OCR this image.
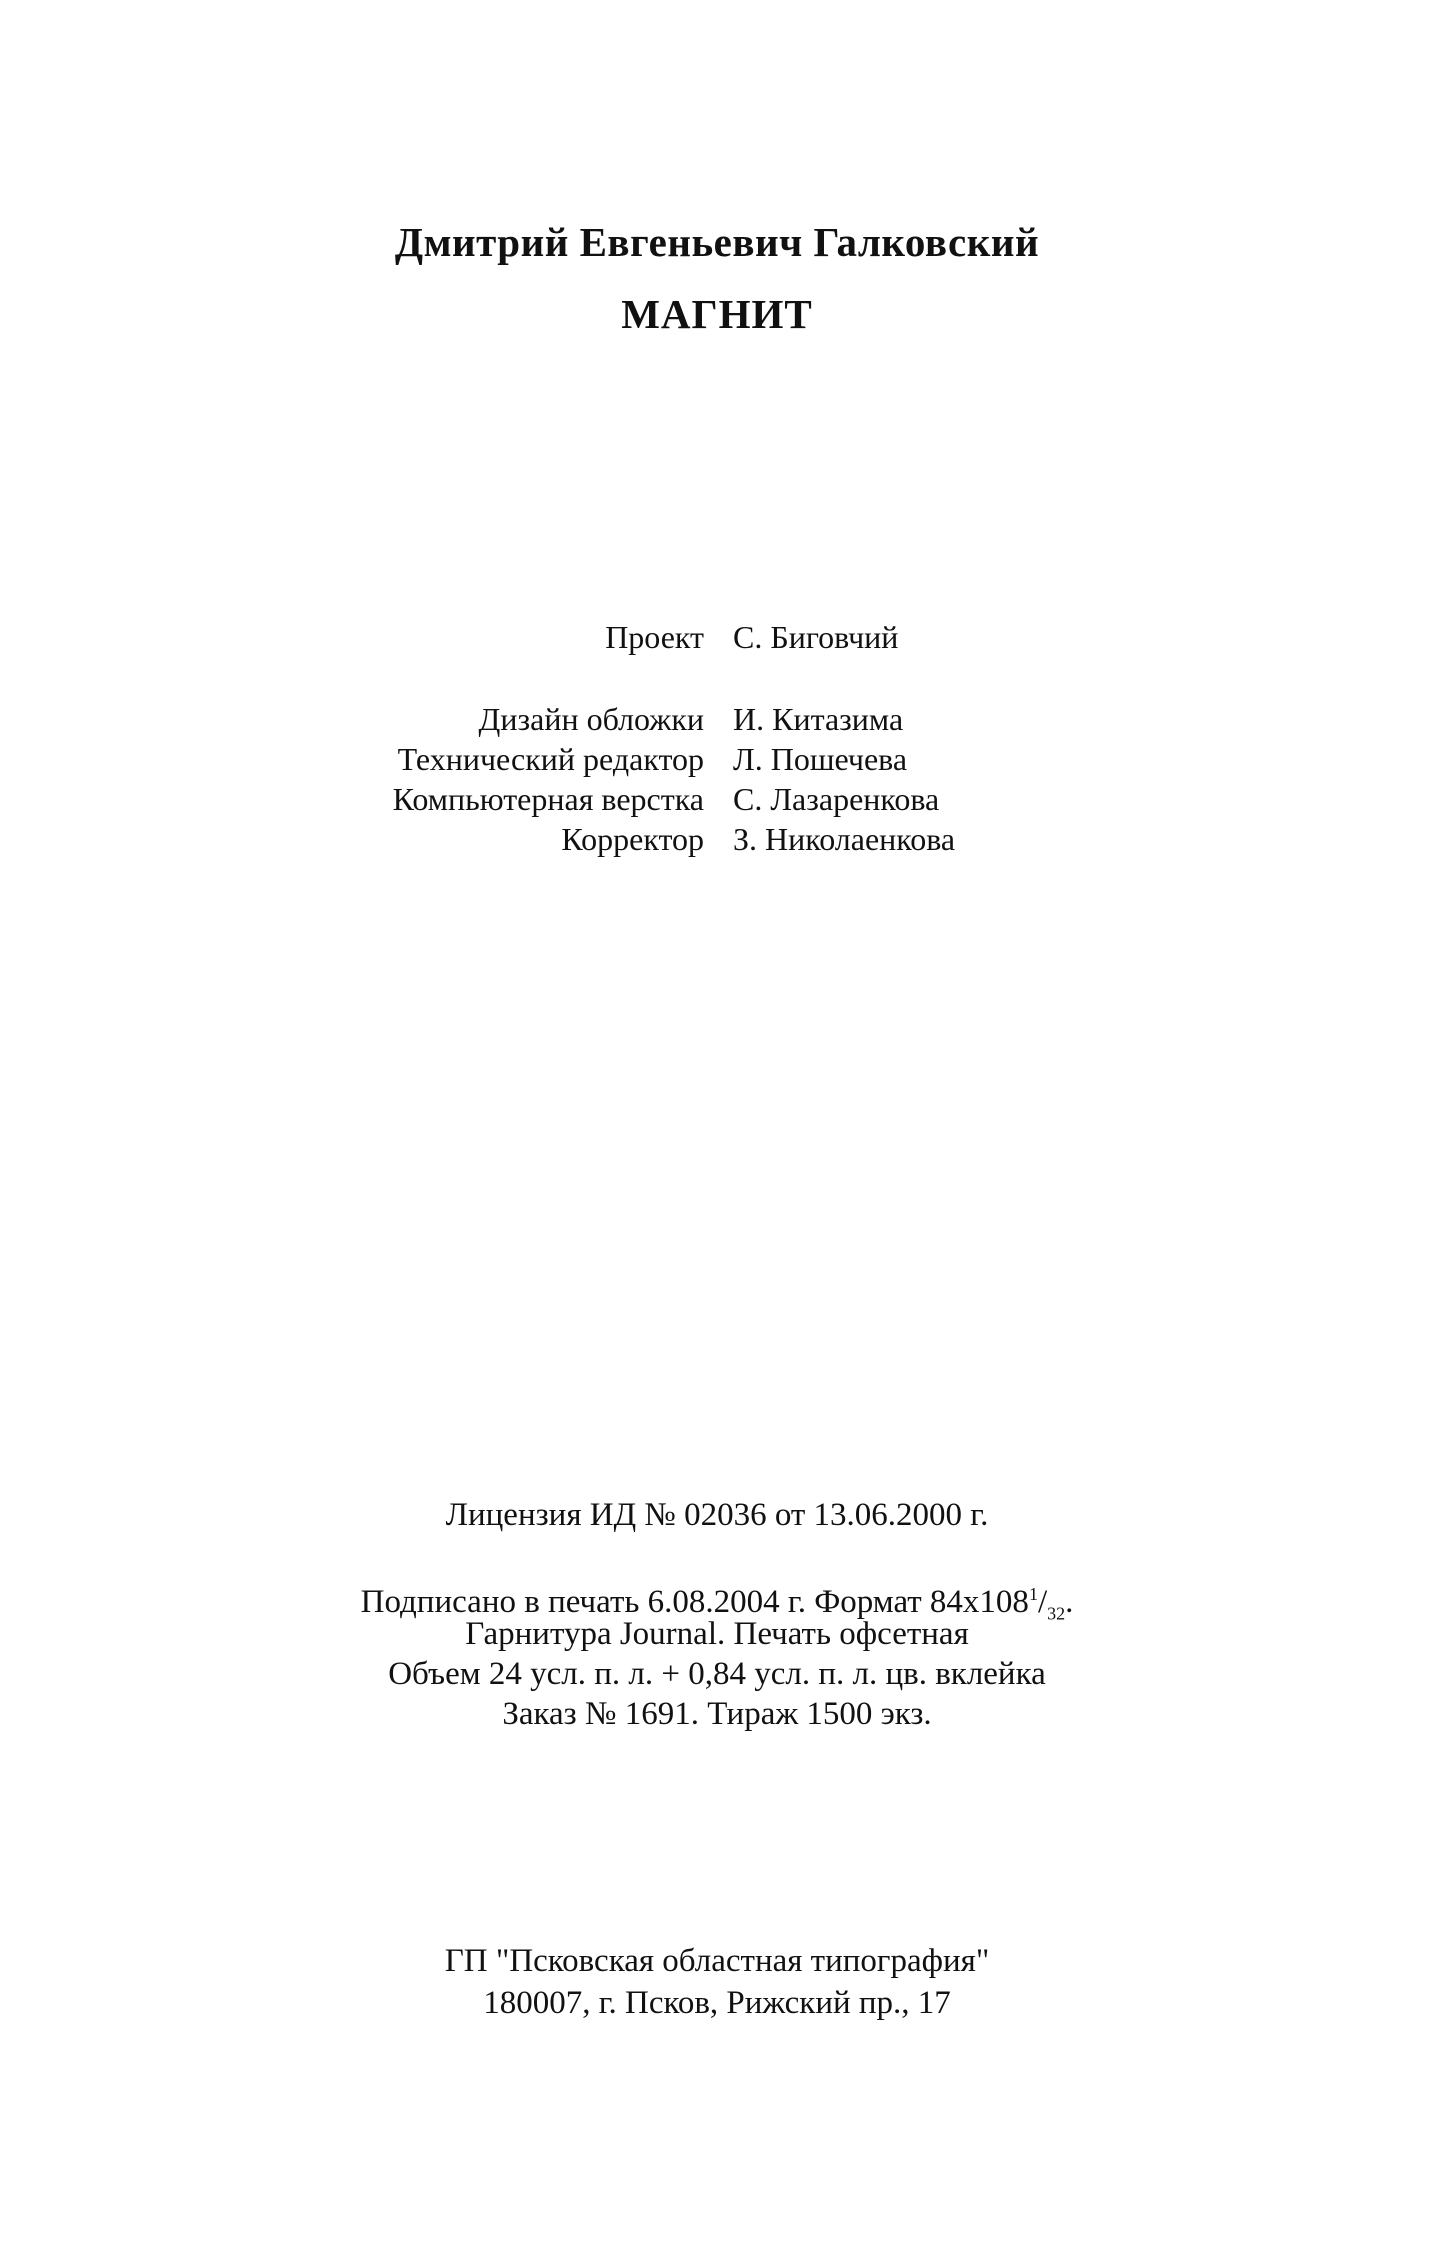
Дмитрий Евгеньевич Галковский
МАГНИТ
Проект С. Биговчий
Дизайн обложки И. Китазима
Технический редактор Л. Пошечева
Компьютерная верстка С. Лазаренкова
Корректор З. Николаенкова
Лицензия ИД № 02036 от 13.06.2000 г.
Подписано в печать 6.08.2004 г. Формат $84x108^1/_{32}$.
Гарнитура Journal. Печать офсетная
Объем 24 усл. п. л. + 0,84 усл. п. л. цв. вклейка
Заказ № 1691. Тираж 1500 экз.
ГП "Псковская областная типография"
180007, г. Псков, Рижский пр., 17
